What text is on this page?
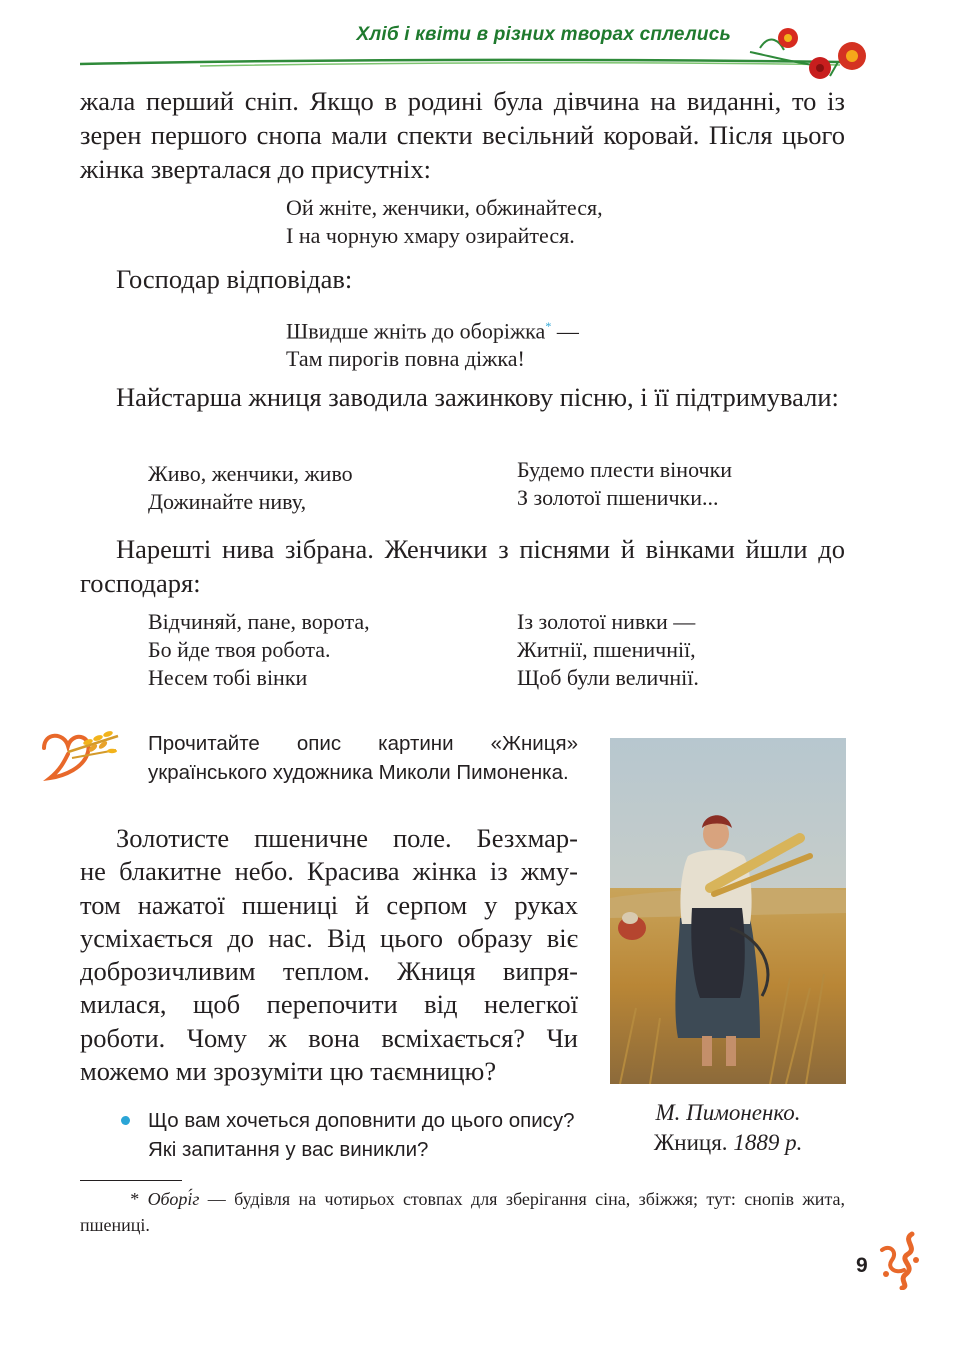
Хліб і квіти в різних творах сплелись

жала перший сніп. Якщо в родині була дівчина на виданні, то із зерен першого снопа мали спекти весільний коровай. Після цього жінка зверталася до присутніх:

Ой жніте, женчики, обжинайтеся,
І на чорную хмару озирайтеся.

Господар відповідав:

Швидше жніть до оборіжка* —
Там пирогів повна діжка!

Найстарша жниця заводила зажинкову пісню, і її підтримували:

Живо, женчики, живо
Дожинайте ниву,
Будемо плести віночки
З золотої пшенички...

Нарешті нива зібрана. Женчики з піснями й вінками йшли до господаря:

Відчиняй, пане, ворота,
Бо йде твоя робота.
Несем тобі вінки
Із золотої нивки —
Житнії, пшеничнії,
Щоб були величнії.

Прочитайте опис картини «Жниця» українського художника Миколи Пимоненка.

Золотисте пшеничне поле. Безхмар-
не блакитне небо. Красива жінка із жму-
том нажатої пшениці й серпом у руках
усміхається до нас. Від цього образу віє
доброзичливим теплом. Жниця випря-
милася, щоб перепочити від нелегкої
роботи. Чому ж вона всміхається? Чи
можемо ми зрозуміти цю таємницю?
М. Пимоненко.
Жниця. 1889 р.

Що вам хочеться доповнити до цього опису? Які запитання у вас виникли?

* Оборі́г — будівля на чотирьох стовпах для зберігання сіна, збіжжя; тут: снопів жита, пшениці.

9
